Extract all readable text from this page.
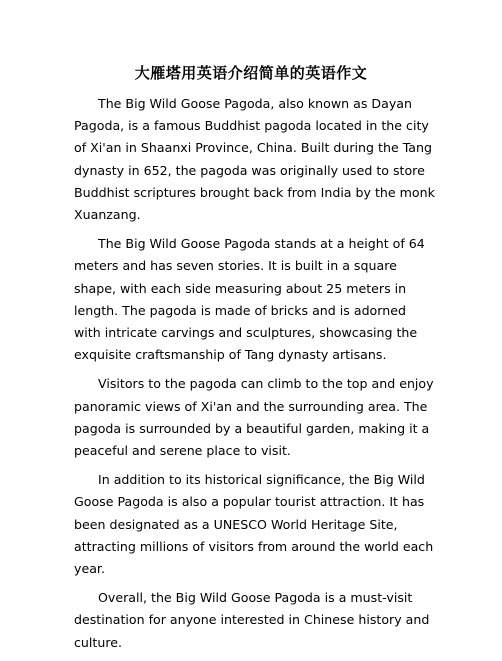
大雁塔用英语介绍简单的英语作文

The Big Wild Goose Pagoda, also known as Dayan Pagoda, is a famous Buddhist pagoda located in the city of Xi'an in Shaanxi Province, China. Built during the Tang dynasty in 652, the pagoda was originally used to store Buddhist scriptures brought back from India by the monk Xuanzang.

The Big Wild Goose Pagoda stands at a height of 64 meters and has seven stories. It is built in a square shape, with each side measuring about 25 meters in length. The pagoda is made of bricks and is adorned with intricate carvings and sculptures, showcasing the exquisite craftsmanship of Tang dynasty artisans.

Visitors to the pagoda can climb to the top and enjoy panoramic views of Xi'an and the surrounding area. The pagoda is surrounded by a beautiful garden, making it a peaceful and serene place to visit.

In addition to its historical significance, the Big Wild Goose Pagoda is also a popular tourist attraction. It has been designated as a UNESCO World Heritage Site, attracting millions of visitors from around the world each year.

Overall, the Big Wild Goose Pagoda is a must-visit destination for anyone interested in Chinese history and culture.
